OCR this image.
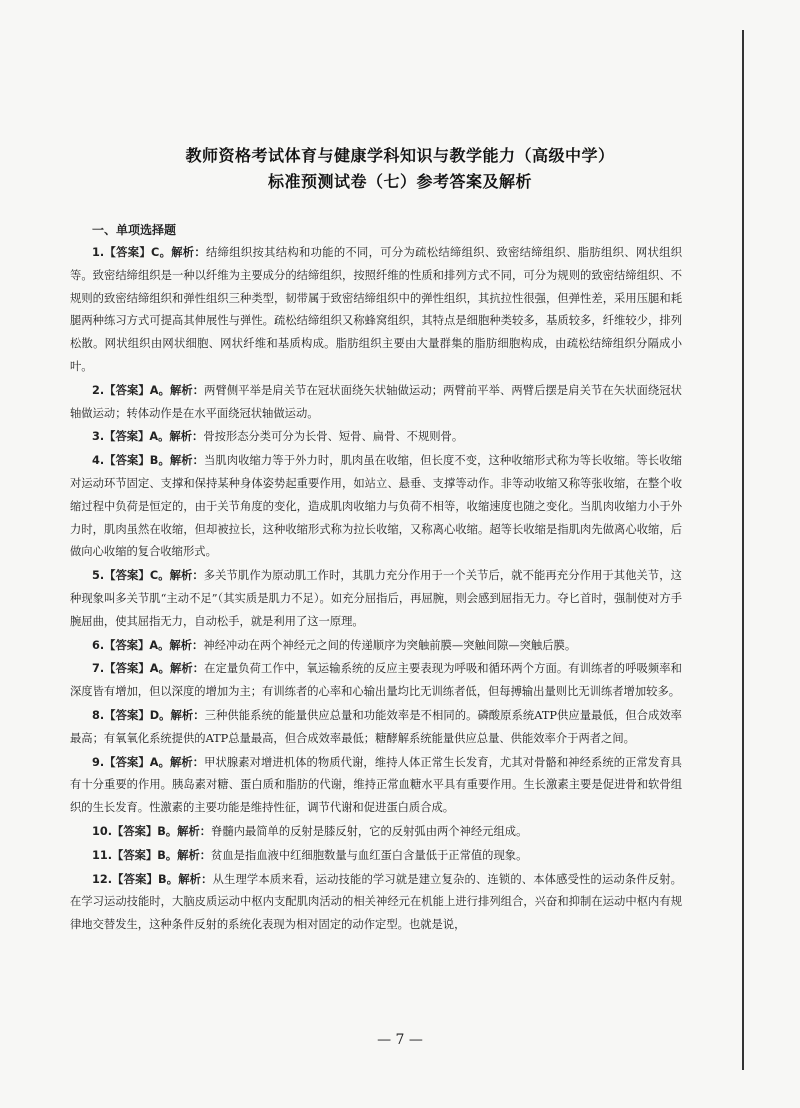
教师资格考试体育与健康学科知识与教学能力（高级中学）
标准预测试卷（七）参考答案及解析
一、单项选择题

1.【答案】C。解析：结缔组织按其结构和功能的不同，可分为疏松结缔组织、致密结缔组织、脂肪组织、网状组织等。致密结缔组织是一种以纤维为主要成分的结缔组织，按照纤维的性质和排列方式不同，可分为规则的致密结缔组织、不规则的致密结缔组织和弹性组织三种类型，韧带属于致密结缔组织中的弹性组织，其抗拉性很强，但弹性差，采用压腿和耗腿两种练习方式可提高其伸展性与弹性。疏松结缔组织又称蜂窝组织，其特点是细胞种类较多，基质较多，纤维较少，排列松散。网状组织由网状细胞、网状纤维和基质构成。脂肪组织主要由大量群集的脂肪细胞构成，由疏松结缔组织分隔成小叶。

2.【答案】A。解析：两臂侧平举是肩关节在冠状面绕矢状轴做运动；两臂前平举、两臂后摆是肩关节在矢状面绕冠状轴做运动；转体动作是在水平面绕冠状轴做运动。

3.【答案】A。解析：骨按形态分类可分为长骨、短骨、扁骨、不规则骨。

4.【答案】B。解析：当肌肉收缩力等于外力时，肌肉虽在收缩，但长度不变，这种收缩形式称为等长收缩。等长收缩对运动环节固定、支撑和保持某种身体姿势起重要作用，如站立、悬垂、支撑等动作。非等动收缩又称等张收缩，在整个收缩过程中负荷是恒定的，由于关节角度的变化，造成肌肉收缩力与负荷不相等，收缩速度也随之变化。当肌肉收缩力小于外力时，肌肉虽然在收缩，但却被拉长，这种收缩形式称为拉长收缩，又称离心收缩。超等长收缩是指肌肉先做离心收缩，后做向心收缩的复合收缩形式。

5.【答案】C。解析：多关节肌作为原动肌工作时，其肌力充分作用于一个关节后，就不能再充分作用于其他关节，这种现象叫多关节肌“主动不足”（其实质是肌力不足）。如充分屈指后，再屈腕，则会感到屈指无力。夺匕首时，强制使对方手腕屈曲，使其屈指无力，自动松手，就是利用了这一原理。

6.【答案】A。解析：神经冲动在两个神经元之间的传递顺序为突触前膜—突触间隙—突触后膜。

7.【答案】A。解析：在定量负荷工作中，氧运输系统的反应主要表现为呼吸和循环两个方面。有训练者的呼吸频率和深度皆有增加，但以深度的增加为主；有训练者的心率和心输出量均比无训练者低，但每搏输出量则比无训练者增加较多。

8.【答案】D。解析：三种供能系统的能量供应总量和功能效率是不相同的。磷酸原系统ATP供应量最低，但合成效率最高；有氧氧化系统提供的ATP总量最高，但合成效率最低；糖酵解系统能量供应总量、供能效率介于两者之间。

9.【答案】A。解析：甲状腺素对增进机体的物质代谢，维持人体正常生长发育，尤其对骨骼和神经系统的正常发育具有十分重要的作用。胰岛素对糖、蛋白质和脂肪的代谢，维持正常血糖水平具有重要作用。生长激素主要是促进骨和软骨组织的生长发育。性激素的主要功能是维持性征，调节代谢和促进蛋白质合成。

10.【答案】B。解析：脊髓内最简单的反射是膝反射，它的反射弧由两个神经元组成。

11.【答案】B。解析：贫血是指血液中红细胞数量与血红蛋白含量低于正常值的现象。

12.【答案】B。解析：从生理学本质来看，运动技能的学习就是建立复杂的、连锁的、本体感受性的运动条件反射。在学习运动技能时，大脑皮质运动中枢内支配肌肉活动的相关神经元在机能上进行排列组合，兴奋和抑制在运动中枢内有规律地交替发生，这种条件反射的系统化表现为相对固定的动作定型。也就是说，

— 7 —
